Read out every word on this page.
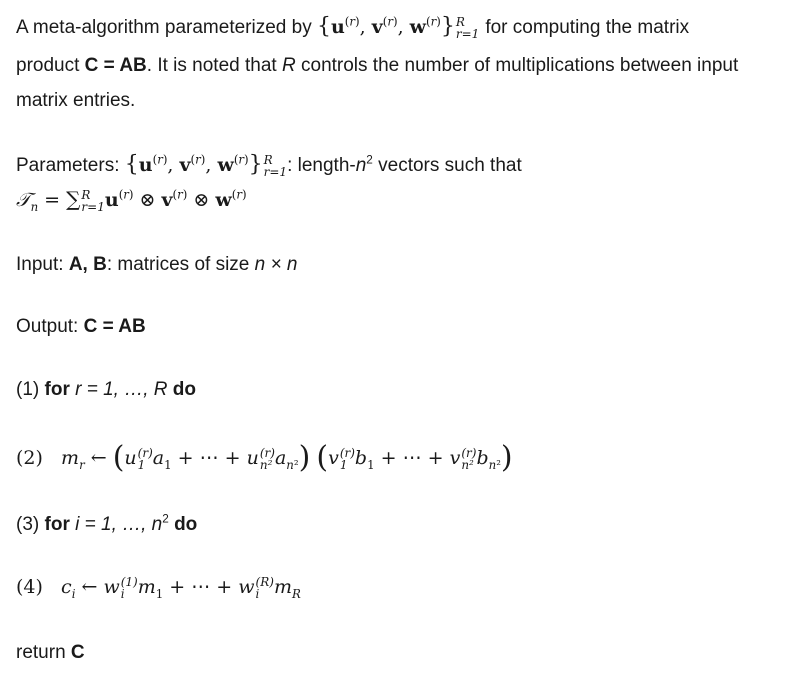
A meta-algorithm parameterized by {$u^{(r)}$, $v^{(r)}$, $w^{(r)}$} R
r=1 for computing the matrix
product C = AB. It is noted that R controls the number of multiplications between input
matrix entries.
Parameters: {$u^{(r)}$, $v^{(r)}$, $w^{(r)}$} R
r=1 : length-$n^2$ vectors such that
𝒯$_n$ = ∑ R
r=1 $u^{(r)}$ ⊗ $v^{(r)}$ ⊗ $w^{(r)}$
Input: A, B: matrices of size n × n
Output: C = AB
(1) for r = 1, …, R do
(2) $m_r$ ← (u (r)
1 $a_1$ + ⋯ + u (r)
n² $a_{n^2}$) (v (r)
1 $b_1$ + ⋯ + v (r)
n² $b_{n^2}$)
(3) for i = 1, …, $n^2$ do
(4) $c_i$ ← w (1)
i $m_1$ + ⋯ + w (R)
i $m_R$
return C
